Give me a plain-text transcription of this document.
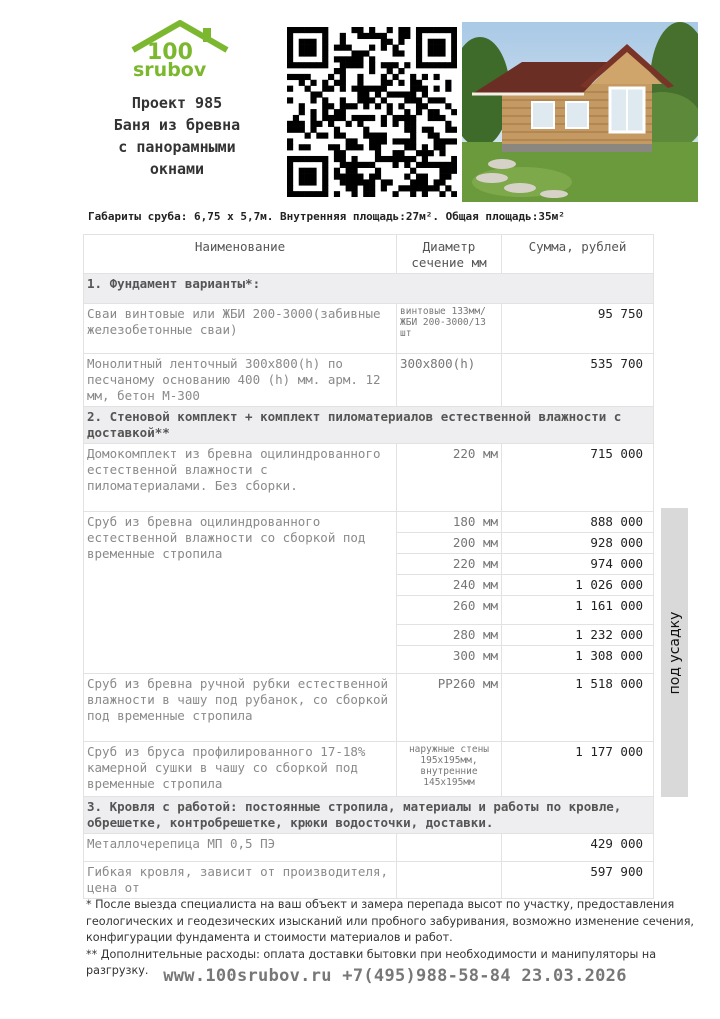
100
srubov
Проект 985
Баня из бревна
с панорамными
окнами
Габариты сруба: 6,75 х 5,7м. Внутренняя площадь:27м². Общая площадь:35м²
Наименование	Диаметр сечение мм	Сумма, рублей
1. Фундамент варианты*:		
Сваи винтовые или ЖБИ 200-3000(забивные железобетонные сваи)	винтовые 133мм/ЖБИ 200-3000/13 шт	95 750
Монолитный ленточный 300х800(h) по песчаному основанию 400 (h) мм. арм. 12 мм, бетон М-300	300х800(h)	535 700
2. Стеновой комплект + комплект пиломатериалов естественной влажности с доставкой**		
Домокомплект из бревна оцилиндрованного естественной влажности с пиломатериалами. Без сборки.	220 мм	715 000
Сруб из бревна оцилиндрованного естественной влажности со сборкой под временные стропила	180 мм	888 000
	200 мм	928 000
	220 мм	974 000
	240 мм	1 026 000
	260 мм	1 161 000
	280 мм	1 232 000
	300 мм	1 308 000
Сруб из бревна ручной рубки естественной влажности в чашу под рубанок, со сборкой под временные стропила	РР260 мм	1 518 000
Сруб из бруса профилированного 17-18% камерной сушки в чашу со сборкой под временные стропила	наружные стены 195х195мм, внутренние 145х195мм	1 177 000
3. Кровля с работой: постоянные стропила, материалы и работы по кровле, обрешетке, контробрешетке, крюки водосточки, доставки.		
Металлочерепица МП 0,5 ПЭ		429 000
Гибкая кровля, зависит от производителя, цена от		597 900
под усадку
* После выезда специалиста на ваш объект и замера перепада высот по участку, предоставления геологических и геодезических изысканий или пробного забуривания, возможно изменение сечения, конфигурации фундамента и стоимости материалов и работ.
** Дополнительные расходы: оплата доставки бытовки при необходимости и манипуляторы на разгрузку. www.100srubov.ru +7(495)988-58-84 23.03.2026
